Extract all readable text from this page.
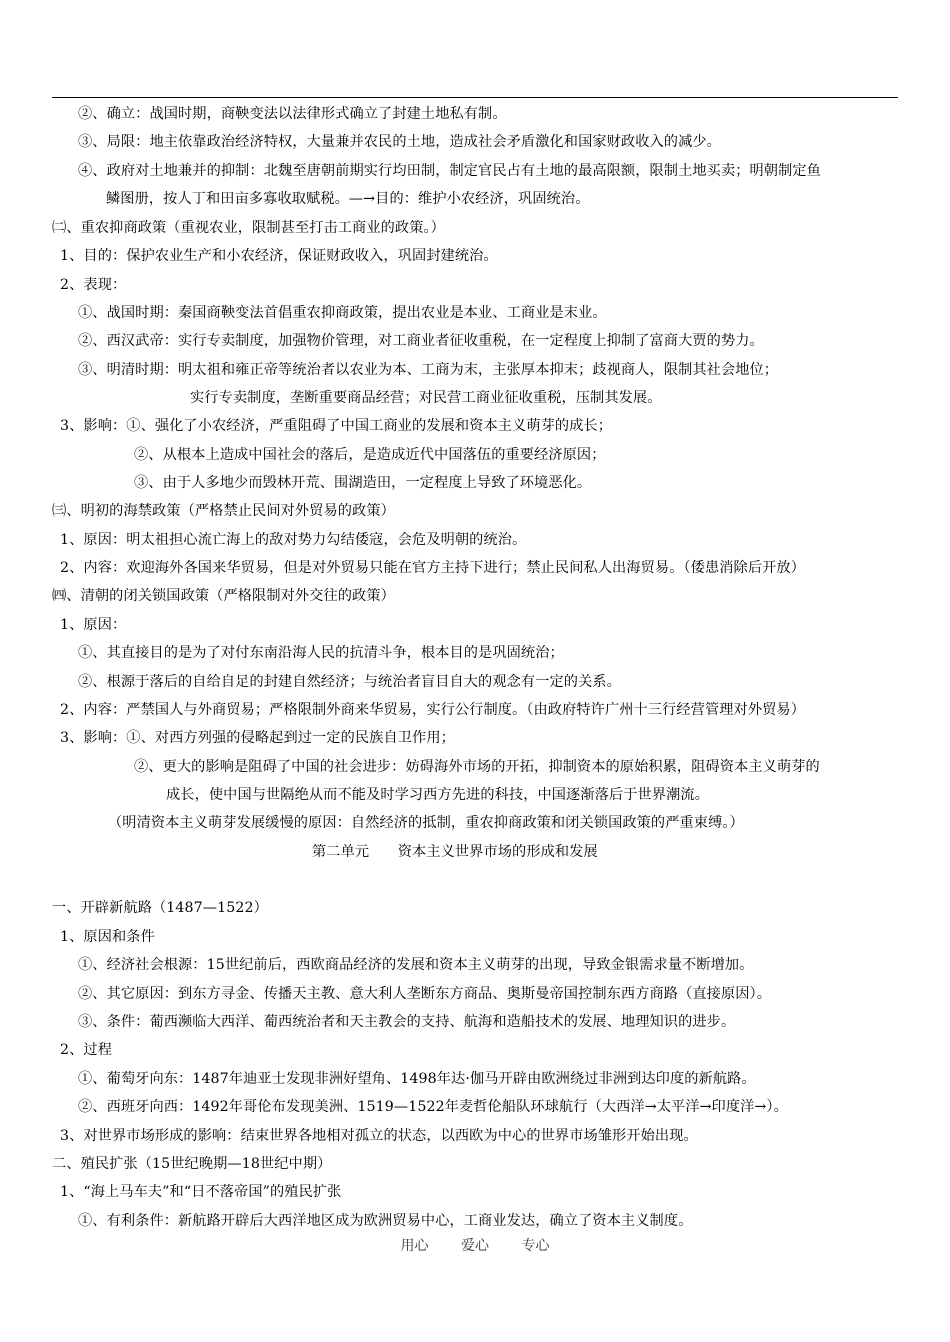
②、确立：战国时期，商鞅变法以法律形式确立了封建土地私有制。
③、局限：地主依靠政治经济特权，大量兼并农民的土地，造成社会矛盾激化和国家财政收入的减少。
④、政府对土地兼并的抑制：北魏至唐朝前期实行均田制，制定官民占有土地的最高限额，限制土地买卖；明朝制定鱼
鳞图册，按人丁和田亩多寡收取赋税。—→目的：维护小农经济，巩固统治。
㈡、重农抑商政策（重视农业，限制甚至打击工商业的政策。）
1、目的：保护农业生产和小农经济，保证财政收入，巩固封建统治。
2、表现：
①、战国时期：秦国商鞅变法首倡重农抑商政策，提出农业是本业、工商业是末业。
②、西汉武帝：实行专卖制度，加强物价管理，对工商业者征收重税，在一定程度上抑制了富商大贾的势力。
③、明清时期：明太祖和雍正帝等统治者以农业为本、工商为末，主张厚本抑末；歧视商人，限制其社会地位；
实行专卖制度，垄断重要商品经营；对民营工商业征收重税，压制其发展。
3、影响：①、强化了小农经济，严重阻碍了中国工商业的发展和资本主义萌芽的成长；
②、从根本上造成中国社会的落后，是造成近代中国落伍的重要经济原因；
③、由于人多地少而毁林开荒、围湖造田，一定程度上导致了环境恶化。
㈢、明初的海禁政策（严格禁止民间对外贸易的政策）
1、原因：明太祖担心流亡海上的敌对势力勾结倭寇，会危及明朝的统治。
2、内容：欢迎海外各国来华贸易，但是对外贸易只能在官方主持下进行；禁止民间私人出海贸易。（倭患消除后开放）
㈣、清朝的闭关锁国政策（严格限制对外交往的政策）
1、原因：
①、其直接目的是为了对付东南沿海人民的抗清斗争，根本目的是巩固统治；
②、根源于落后的自给自足的封建自然经济；与统治者盲目自大的观念有一定的关系。
2、内容：严禁国人与外商贸易；严格限制外商来华贸易，实行公行制度。（由政府特许广州十三行经营管理对外贸易）
3、影响：①、对西方列强的侵略起到过一定的民族自卫作用；
②、更大的影响是阻碍了中国的社会进步：妨碍海外市场的开拓，抑制资本的原始积累，阻碍资本主义萌芽的
成长，使中国与世隔绝从而不能及时学习西方先进的科技，中国逐渐落后于世界潮流。
（明清资本主义萌芽发展缓慢的原因：自然经济的抵制，重农抑商政策和闭关锁国政策的严重束缚。）
第二单元　　资本主义世界市场的形成和发展
一、开辟新航路（1487—1522）
1、原因和条件
①、经济社会根源：15世纪前后，西欧商品经济的发展和资本主义萌芽的出现，导致金银需求量不断增加。
②、其它原因：到东方寻金、传播天主教、意大利人垄断东方商品、奥斯曼帝国控制东西方商路（直接原因）。
③、条件：葡西濒临大西洋、葡西统治者和天主教会的支持、航海和造船技术的发展、地理知识的进步。
2、过程
①、葡萄牙向东：1487年迪亚士发现非洲好望角、1498年达·伽马开辟由欧洲绕过非洲到达印度的新航路。
②、西班牙向西：1492年哥伦布发现美洲、1519—1522年麦哲伦船队环球航行（大西洋→太平洋→印度洋→）。
3、对世界市场形成的影响：结束世界各地相对孤立的状态，以西欧为中心的世界市场雏形开始出现。
二、殖民扩张（15世纪晚期—18世纪中期）
1、“海上马车夫”和“日不落帝国”的殖民扩张
①、有利条件：新航路开辟后大西洋地区成为欧洲贸易中心，工商业发达，确立了资本主义制度。
用心 爱心 专心
